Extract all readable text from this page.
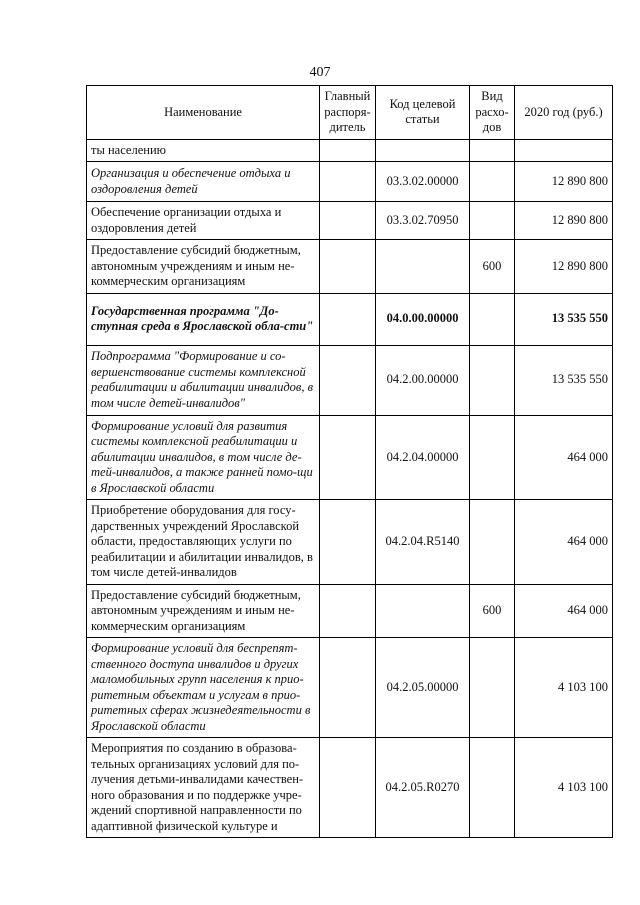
407
Наименование	Главный распоря-дитель	Код целевой статьи	Вид расхо-дов	2020 год (руб.)
ты населению				
Организация и обеспечение отдыха и оздоровления детей		03.3.02.00000		12 890 800
Обеспечение организации отдыха и оздоровления детей		03.3.02.70950		12 890 800
Предоставление субсидий бюджетным, автономным учреждениям и иным не-коммерческим организациям			600	12 890 800
Государственная программа "До-ступная среда в Ярославской обла-сти"		04.0.00.00000		13 535 550
Подпрограмма "Формирование и со-вершенствование системы комплексной реабилитации и абилитации инвалидов, в том числе детей-инвалидов"		04.2.00.00000		13 535 550
Формирование условий для развития системы комплексной реабилитации и абилитации инвалидов, в том числе де-тей-инвалидов, а также ранней помо-щи в Ярославской области		04.2.04.00000		464 000
Приобретение оборудования для госу-дарственных учреждений Ярославской области, предоставляющих услуги по реабилитации и абилитации инвалидов, в том числе детей-инвалидов		04.2.04.R5140		464 000
Предоставление субсидий бюджетным, автономным учреждениям и иным не-коммерческим организациям			600	464 000
Формирование условий для беспрепят-ственного доступа инвалидов и других маломобильных групп населения к прио-ритетным объектам и услугам в прио-ритетных сферах жизнедеятельности в Ярославской области		04.2.05.00000		4 103 100
Мероприятия по созданию в образова-тельных организациях условий для по-лучения детьми-инвалидами качествен-ного образования и по поддержке учре-ждений спортивной направленности по адаптивной физической культуре и		04.2.05.R0270		4 103 100
